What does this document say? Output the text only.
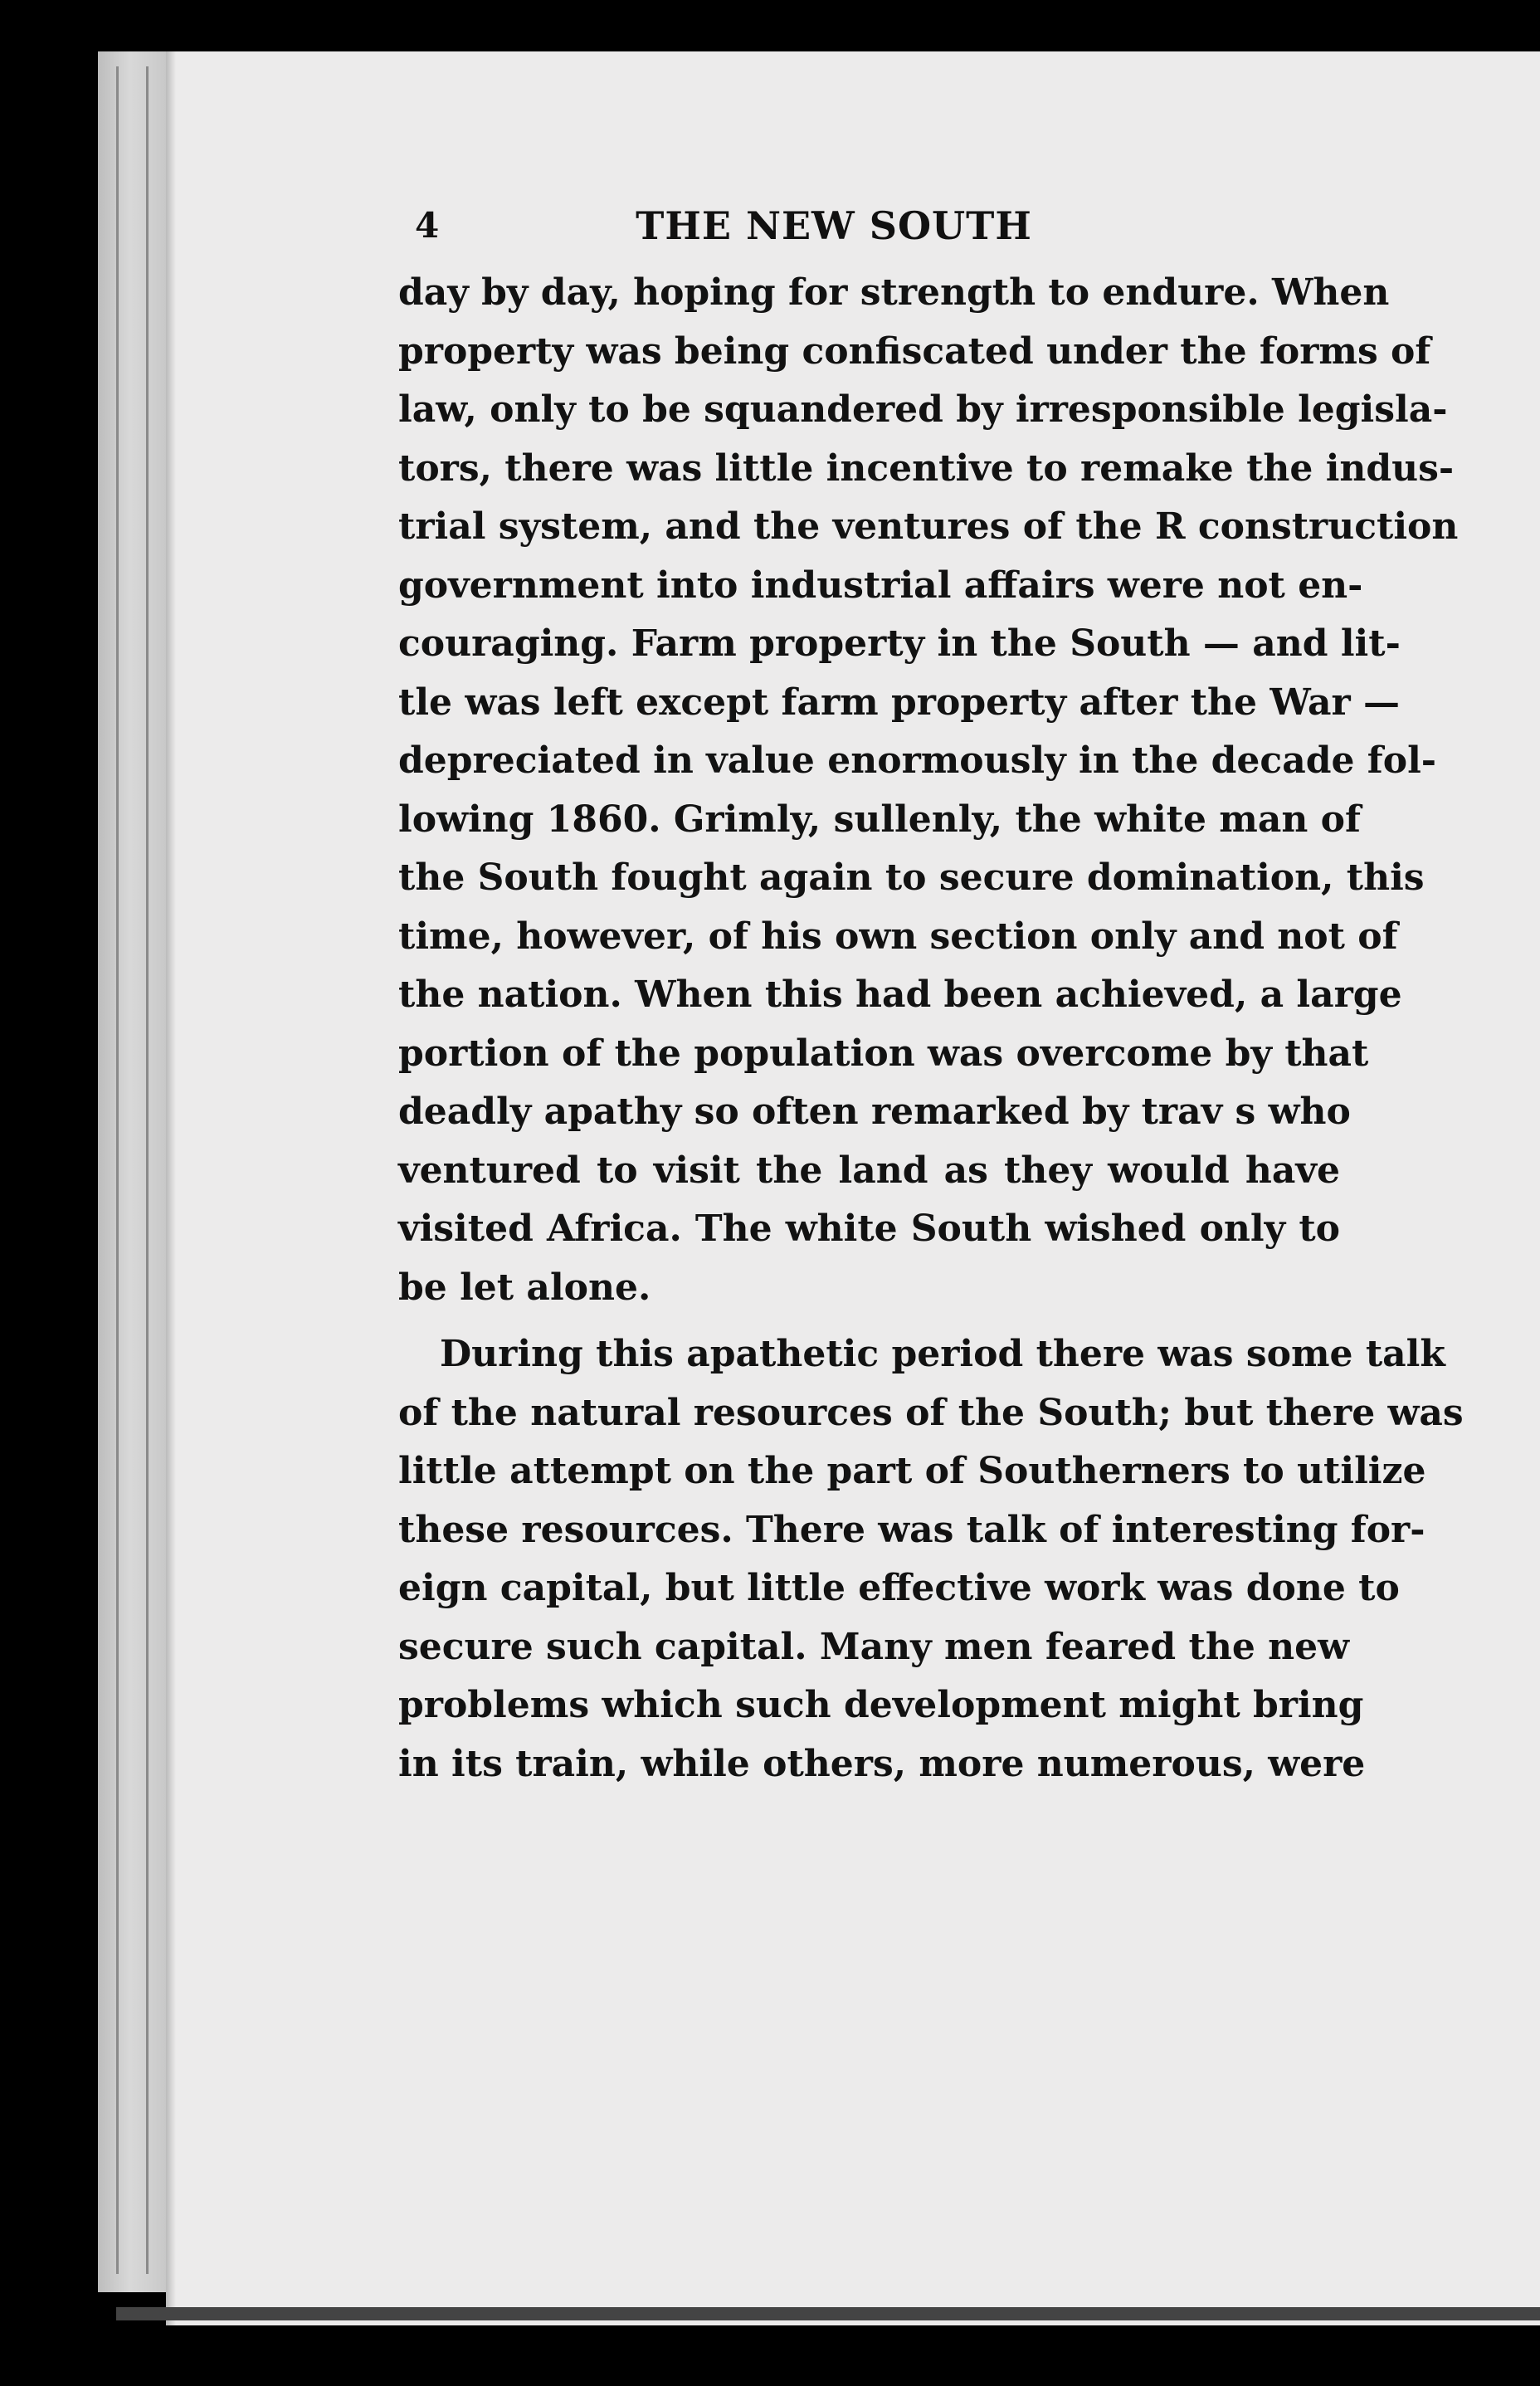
4	THE NEW SOUTH
day by day, hoping for strength to endure. When
property was being confiscated under the forms of
law, only to be squandered by irresponsible legisla-
tors, there was little incentive to remake the indus-
trial system, and the ventures of the R construction
government into industrial affairs were not en-
couraging. Farm property in the South — and lit-
tle was left except farm property after the War —
depreciated in value enormously in the decade fol-
lowing 1860. Grimly, sullenly, the white man of
the South fought again to secure domination, this
time, however, of his own section only and not of
the nation. When this had been achieved, a large
portion of the population was overcome by that
deadly apathy so often remarked by trav s who
ventured to visit the land as they would have
visited Africa. The white South wished only to
be let alone.
During this apathetic period there was some talk
of the natural resources of the South; but there was
little attempt on the part of Southerners to utilize
these resources. There was talk of interesting for-
eign capital, but little effective work was done to
secure such capital. Many men feared the new
problems which such development might bring
in its train, while others, more numerous, were
